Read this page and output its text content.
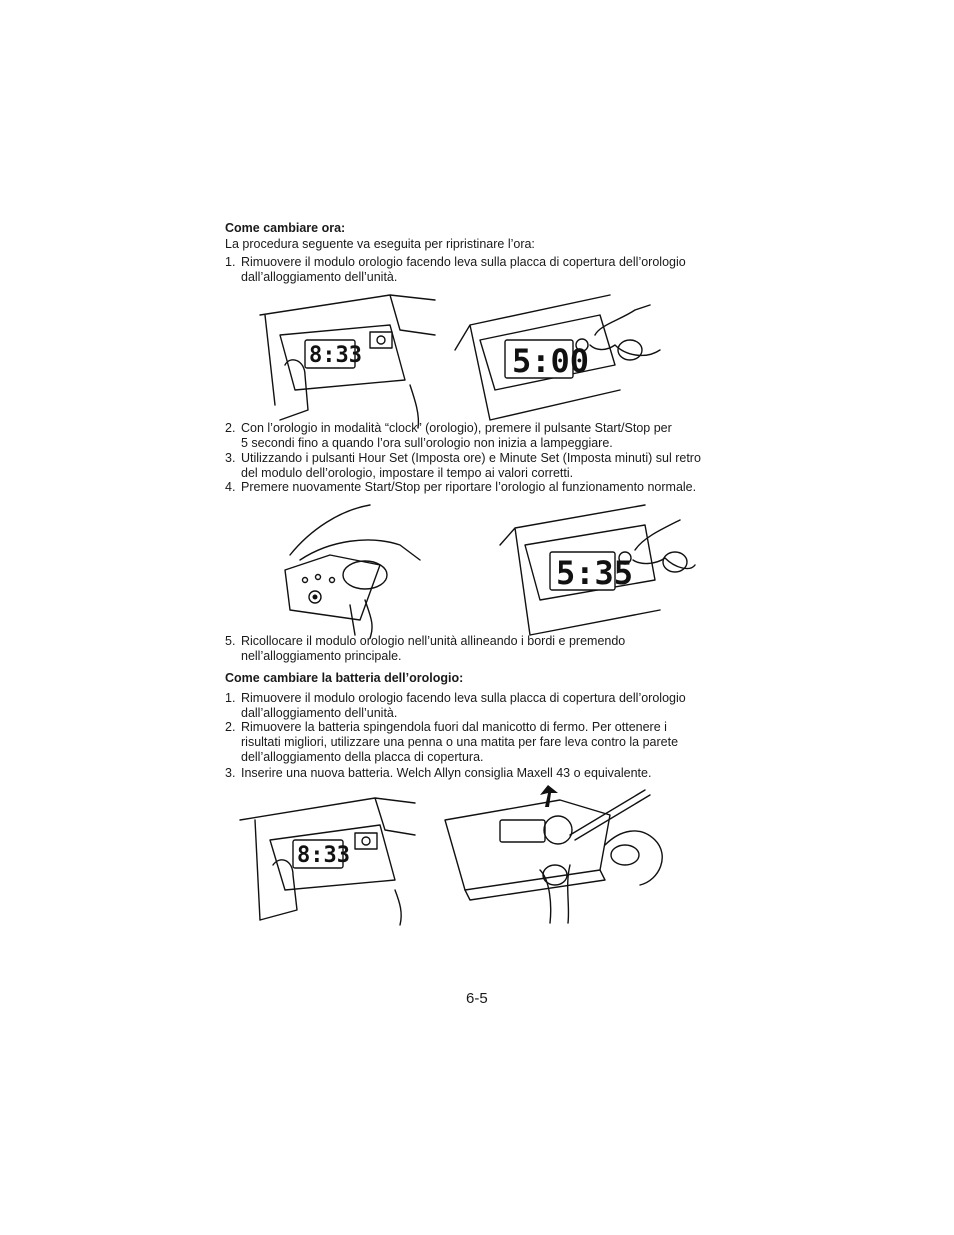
Come cambiare ora:
La procedura seguente va eseguita per ripristinare l’ora:
1. Rimuovere il modulo orologio facendo leva sulla placca di copertura dell’orologio
dall’alloggiamento dell’unità.
8:33	5:00
2. Con l’orologio in modalità “clock” (orologio), premere il pulsante Start/Stop per
5 secondi fino a quando l’ora sull’orologio non inizia a lampeggiare.
3. Utilizzando i pulsanti Hour Set (Imposta ore) e Minute Set (Imposta minuti) sul retro
del modulo dell’orologio, impostare il tempo ai valori corretti.
4. Premere nuovamente Start/Stop per riportare l’orologio al funzionamento normale.
5:35
5. Ricollocare il modulo orologio nell’unità allineando i bordi e premendo
nell’alloggiamento principale.
Come cambiare la batteria dell’orologio:
1. Rimuovere il modulo orologio facendo leva sulla placca di copertura dell’orologio
dall’alloggiamento dell’unità.
2. Rimuovere la batteria spingendola fuori dal manicotto di fermo. Per ottenere i
risultati migliori, utilizzare una penna o una matita per fare leva contro la parete
dell’alloggiamento della placca di copertura.
3. Inserire una nuova batteria. Welch Allyn consiglia Maxell 43 o equivalente.
8:33
6-5
